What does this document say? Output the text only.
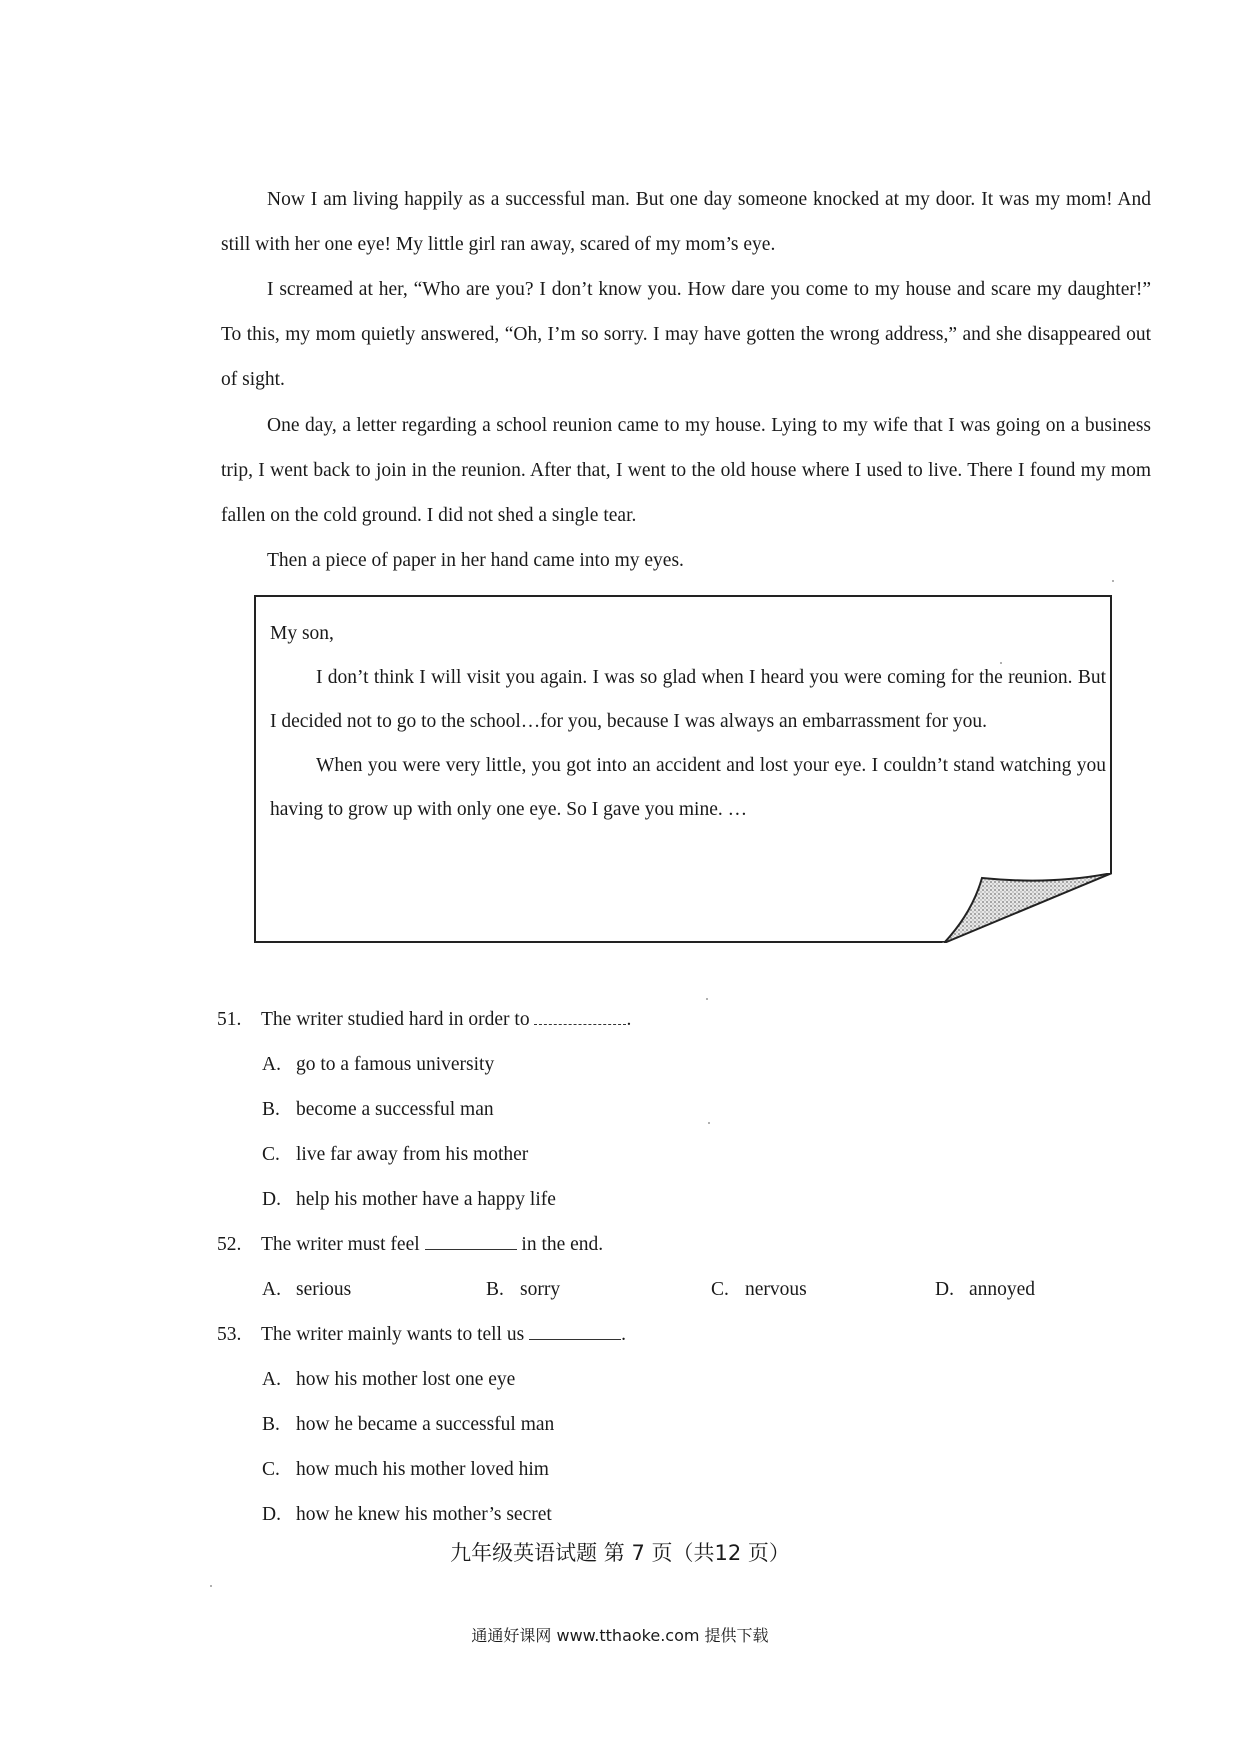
Now I am living happily as a successful man. But one day someone knocked at my door. It was my mom! And still with her one eye! My little girl ran away, scared of my mom’s eye.

I screamed at her, “Who are you? I don’t know you. How dare you come to my house and scare my daughter!” To this, my mom quietly answered, “Oh, I’m so sorry. I may have gotten the wrong address,” and she disappeared out of sight.

One day, a letter regarding a school reunion came to my house. Lying to my wife that I was going on a business trip, I went back to join in the reunion. After that, I went to the old house where I used to live. There I found my mom fallen on the cold ground. I did not shed a single tear.

Then a piece of paper in her hand came into my eyes.

My son,

I don’t think I will visit you again. I was so glad when I heard you were coming for the reunion. But I decided not to go to the school…for you, because I was always an embarrassment for you.

When you were very little, you got into an accident and lost your eye. I couldn’t stand watching you having to grow up with only one eye. So I gave you mine. …

51. The writer studied hard in order to	.
A. go to a famous university
B. become a successful man
C. live far away from his mother
D. help his mother have a happy life
52. The writer must feel	in the end.
A. serious	B. sorry	C. nervous	D. annoyed
53. The writer mainly wants to tell us	.
A. how his mother lost one eye
B. how he became a successful man
C. how much his mother loved him
D. how he knew his mother’s secret
九年级英语试题 第 7 页（共12 页）
通通好课网 www.tthaoke.com 提供下载
